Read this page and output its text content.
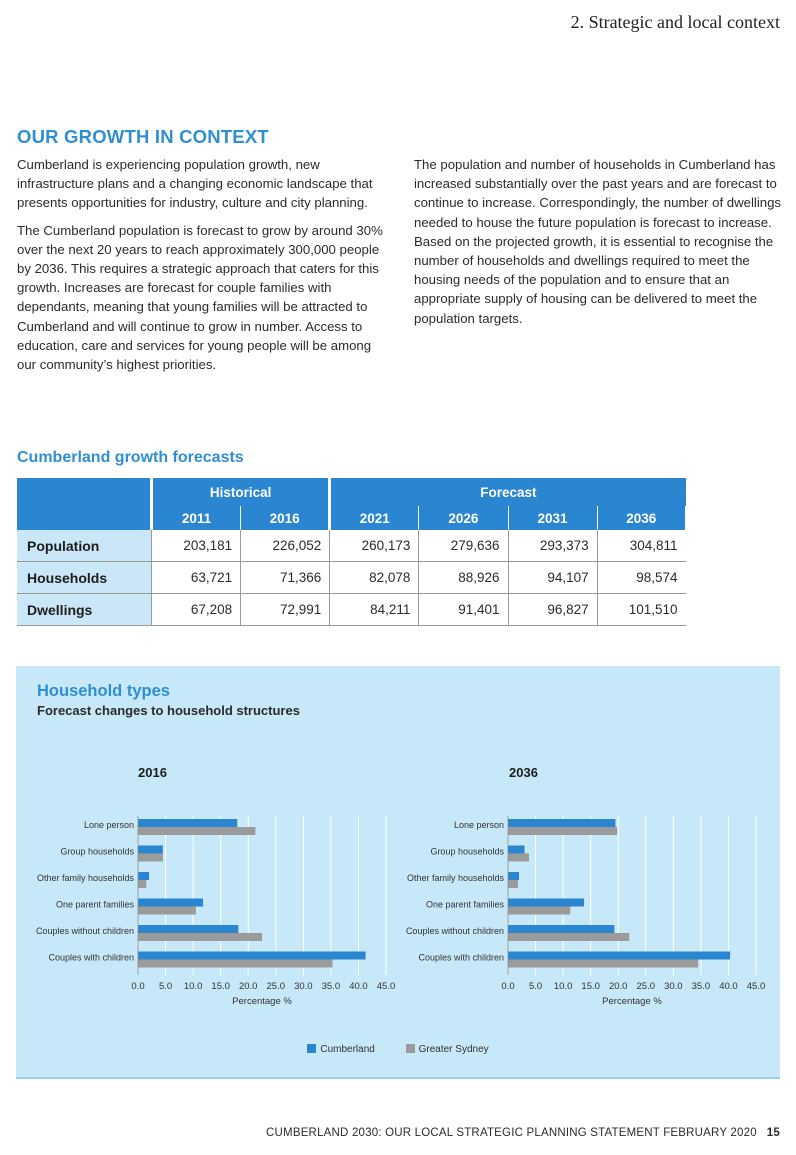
2. Strategic and local context
OUR GROWTH IN CONTEXT

Cumberland is experiencing population growth, new infrastructure plans and a changing economic landscape that presents opportunities for industry, culture and city planning.

The Cumberland population is forecast to grow by around 30% over the next 20 years to reach approximately 300,000 people by 2036. This requires a strategic approach that caters for this growth. Increases are forecast for couple families with dependants, meaning that young families will be attracted to Cumberland and will continue to grow in number. Access to education, care and services for young people will be among our community’s highest priorities.

The population and number of households in Cumberland has increased substantially over the past years and are forecast to continue to increase. Correspondingly, the number of dwellings needed to house the future population is forecast to increase. Based on the projected growth, it is essential to recognise the number of households and dwellings required to meet the housing needs of the population and to ensure that an appropriate supply of housing can be delivered to meet the population targets.

Cumberland growth forecasts
	Historical		Forecast			
	2011	2016	2021	2026	2031	2036
Population	203,181	226,052	260,173	279,636	293,373	304,811
Households	63,721	71,366	82,078	88,926	94,107	98,574
Dwellings	67,208	72,991	84,211	91,401	96,827	101,510
Household types
Forecast changes to household structures
2016	2036
0.0 5.0 10.0 15.0 20.0 25.0 30.0 35.0 40.0 45.0
Lone person
Group households
Other family households
One parent families
Couples without children
Couples with children
Percentage %
0.0 5.0 10.0 15.0 20.0 25.0 30.0 35.0 40.0 45.0
Lone person
Group households
Other family households
One parent families
Couples without children
Couples with children
Percentage %
Cumberland	Greater Sydney
CUMBERLAND 2030: OUR LOCAL STRATEGIC PLANNING STATEMENT FEBRUARY 2020 15
